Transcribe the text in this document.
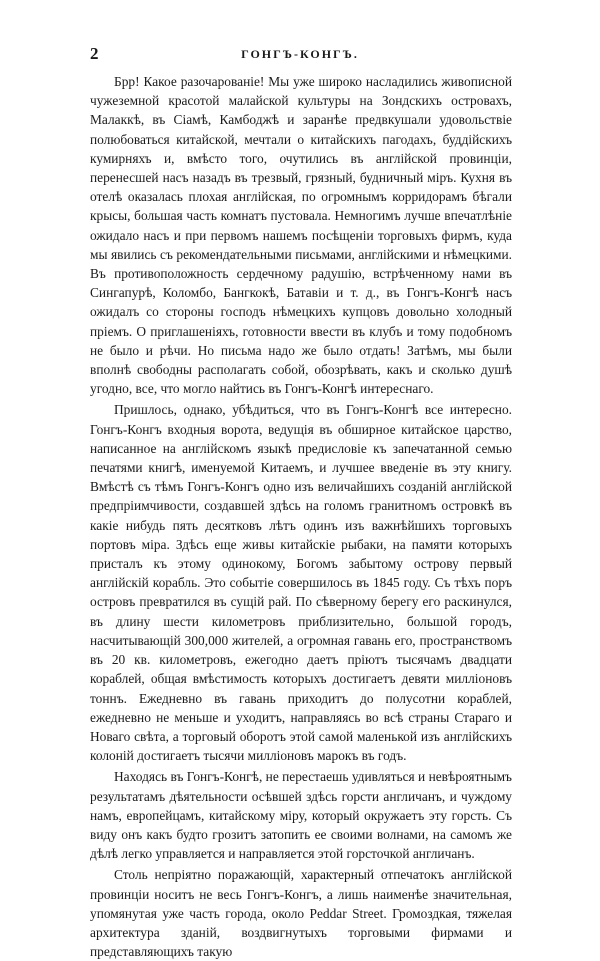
2	ГОНГЪ-КОНГЪ.

Брр! Какое разочарованіе! Мы уже широко насладились живописной чужеземной красотой малайской культуры на Зондскихъ островахъ, Малаккѣ, въ Сіамѣ, Камбоджѣ и заранѣе предвкушали удовольствіе полюбоваться китайской, мечтали о китайскихъ пагодахъ, буддійскихъ кумирняхъ и, вмѣсто того, очутились въ англійской провинціи, перенесшей насъ назадъ въ трезвый, грязный, будничный міръ. Кухня въ отелѣ оказалась плохая англійская, по огромнымъ корридорамъ бѣгали крысы, большая часть комнатъ пустовала. Немногимъ лучше впечатлѣніе ожидало насъ и при первомъ нашемъ посѣщеніи торговыхъ фирмъ, куда мы явились съ рекомендательными письмами, англійскими и нѣмецкими. Въ противоположность сердечному радушію, встрѣченному нами въ Сингапурѣ, Коломбо, Бангкокѣ, Батавіи и т. д., въ Гонгъ-Конгѣ насъ ожидалъ со стороны господъ нѣмецкихъ купцовъ довольно холодный пріемъ. О приглашеніяхъ, готовности ввести въ клубъ и тому подобномъ не было и рѣчи. Но письма надо же было отдать! Затѣмъ, мы были вполнѣ свободны располагать собой, обозрѣвать, какъ и сколько душѣ угодно, все, что могло найтись въ Гонгъ-Конгѣ интереснаго.

Пришлось, однако, убѣдиться, что въ Гонгъ-Конгѣ все интересно. Гонгъ-Конгъ входныя ворота, ведущія въ обширное китайское царство, написанное на англійскомъ языкѣ предисловіе къ запечатанной семью печатями книгѣ, именуемой Китаемъ, и лучшее введеніе въ эту книгу. Вмѣстѣ съ тѣмъ Гонгъ-Конгъ одно изъ величайшихъ созданій англійской предпріимчивости, создавшей здѣсь на голомъ гранитномъ островкѣ въ какіе нибудь пять десятковъ лѣтъ одинъ изъ важнѣйшихъ торговыхъ портовъ міра. Здѣсь еще живы китайскіе рыбаки, на памяти которыхъ присталъ къ этому одинокому, Богомъ забытому острову первый англійскій корабль. Это событіе совершилось въ 1845 году. Съ тѣхъ поръ островъ превратился въ сущій рай. По сѣверному берегу его раскинулся, въ длину шести километровъ приблизительно, большой городъ, насчитывающій 300,000 жителей, а огромная гавань его, пространствомъ въ 20 кв. километровъ, ежегодно даетъ пріютъ тысячамъ двадцати кораблей, общая вмѣстимость которыхъ достигаетъ девяти милліоновъ тоннъ. Ежедневно въ гавань приходитъ до полусотни кораблей, ежедневно не меньше и уходитъ, направляясь во всѣ страны Стараго и Новаго свѣта, а торговый оборотъ этой самой маленькой изъ англійскихъ колоній достигаетъ тысячи милліоновъ марокъ въ годъ.

Находясь въ Гонгъ-Конгѣ, не перестаешь удивляться и невѣроятнымъ результатамъ дѣятельности осѣвшей здѣсь горсти англичанъ, и чуждому намъ, европейцамъ, китайскому міру, который окружаетъ эту горсть. Съ виду онъ какъ будто грозитъ затопить ее своими волнами, на самомъ же дѣлѣ легко управляется и направляется этой горсточкой англичанъ.

Столь непріятно поражающій, характерный отпечатокъ англійской провинціи носитъ не весь Гонгъ-Конгъ, а лишь наименѣе значительная, упомянутая уже часть города, около Peddar Street. Громоздкая, тяжелая архитектура зданій, воздвигнутыхъ торговыми фирмами и представляющихъ такую
